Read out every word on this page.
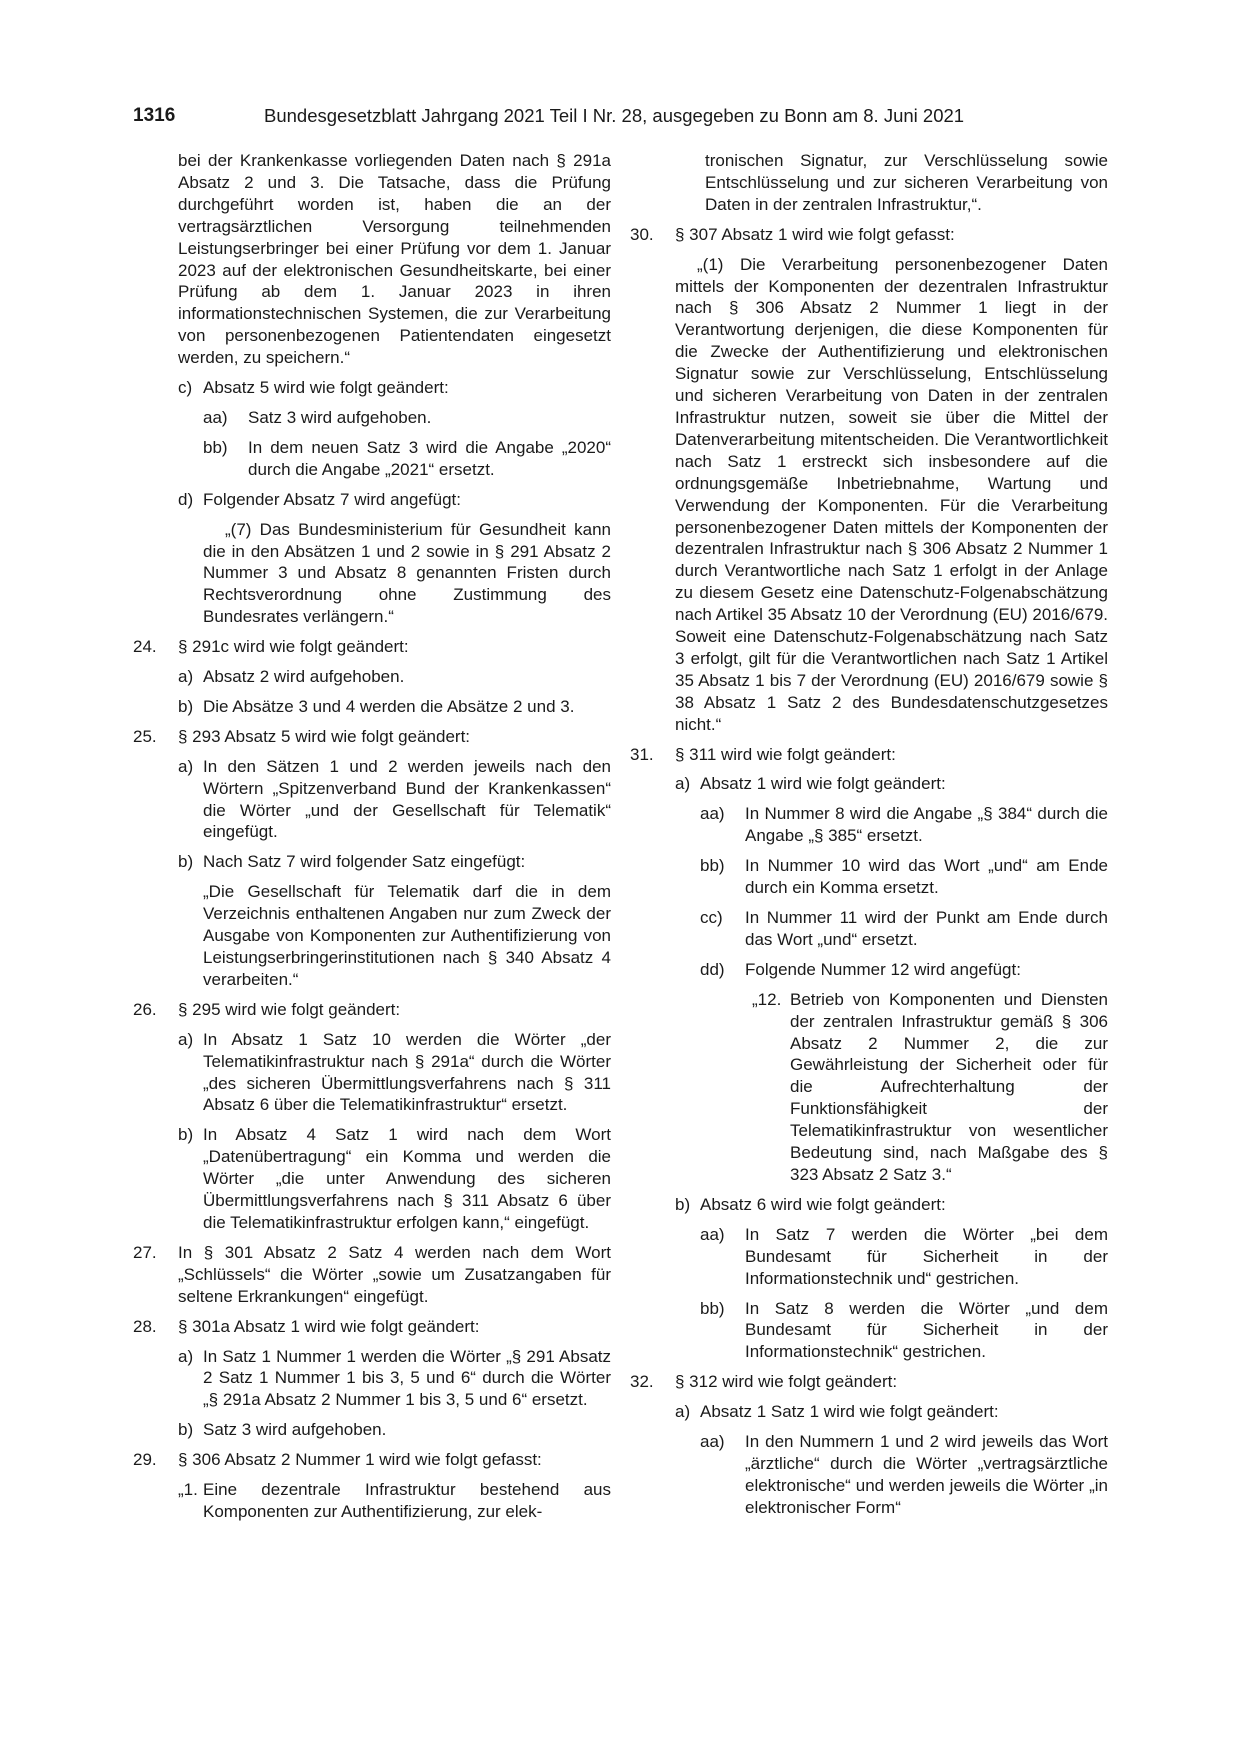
1316	Bundesgesetzblatt Jahrgang 2021 Teil I Nr. 28, ausgegeben zu Bonn am 8. Juni 2021

bei der Krankenkasse vorliegenden Daten nach § 291a Absatz 2 und 3. Die Tatsache, dass die Prüfung durchgeführt worden ist, haben die an der vertragsärztlichen Versorgung teilnehmenden Leistungserbringer bei einer Prüfung vor dem 1. Januar 2023 auf der elektronischen Gesundheitskarte, bei einer Prüfung ab dem 1. Januar 2023 in ihren informationstechnischen Systemen, die zur Verarbeitung von personenbezogenen Patientendaten eingesetzt werden, zu speichern.“

c) Absatz 5 wird wie folgt geändert:

aa) Satz 3 wird aufgehoben.

bb) In dem neuen Satz 3 wird die Angabe „2020“ durch die Angabe „2021“ ersetzt.

d) Folgender Absatz 7 wird angefügt:

„(7) Das Bundesministerium für Gesundheit kann die in den Absätzen 1 und 2 sowie in § 291 Absatz 2 Nummer 3 und Absatz 8 genannten Fristen durch Rechtsverordnung ohne Zustimmung des Bundesrates verlängern.“

24. § 291c wird wie folgt geändert:

a) Absatz 2 wird aufgehoben.

b) Die Absätze 3 und 4 werden die Absätze 2 und 3.

25. § 293 Absatz 5 wird wie folgt geändert:

a) In den Sätzen 1 und 2 werden jeweils nach den Wörtern „Spitzenverband Bund der Krankenkassen“ die Wörter „und der Gesellschaft für Telematik“ eingefügt.

b) Nach Satz 7 wird folgender Satz eingefügt:

„Die Gesellschaft für Telematik darf die in dem Verzeichnis enthaltenen Angaben nur zum Zweck der Ausgabe von Komponenten zur Authentifizierung von Leistungserbringerinstitutionen nach § 340 Absatz 4 verarbeiten.“

26. § 295 wird wie folgt geändert:

a) In Absatz 1 Satz 10 werden die Wörter „der Telematikinfrastruktur nach § 291a“ durch die Wörter „des sicheren Übermittlungsverfahrens nach § 311 Absatz 6 über die Telematikinfrastruktur“ ersetzt.

b) In Absatz 4 Satz 1 wird nach dem Wort „Datenübertragung“ ein Komma und werden die Wörter „die unter Anwendung des sicheren Übermittlungsverfahrens nach § 311 Absatz 6 über die Telematikinfrastruktur erfolgen kann,“ eingefügt.

27. In § 301 Absatz 2 Satz 4 werden nach dem Wort „Schlüssels“ die Wörter „sowie um Zusatzangaben für seltene Erkrankungen“ eingefügt.

28. § 301a Absatz 1 wird wie folgt geändert:

a) In Satz 1 Nummer 1 werden die Wörter „§ 291 Absatz 2 Satz 1 Nummer 1 bis 3, 5 und 6“ durch die Wörter „§ 291a Absatz 2 Nummer 1 bis 3, 5 und 6“ ersetzt.

b) Satz 3 wird aufgehoben.

29. § 306 Absatz 2 Nummer 1 wird wie folgt gefasst:

„1. Eine dezentrale Infrastruktur bestehend aus Komponenten zur Authentifizierung, zur elek-

tronischen Signatur, zur Verschlüsselung sowie Entschlüsselung und zur sicheren Verarbeitung von Daten in der zentralen Infrastruktur,“.

30. § 307 Absatz 1 wird wie folgt gefasst:

„(1) Die Verarbeitung personenbezogener Daten mittels der Komponenten der dezentralen Infrastruktur nach § 306 Absatz 2 Nummer 1 liegt in der Verantwortung derjenigen, die diese Komponenten für die Zwecke der Authentifizierung und elektronischen Signatur sowie zur Verschlüsselung, Entschlüsselung und sicheren Verarbeitung von Daten in der zentralen Infrastruktur nutzen, soweit sie über die Mittel der Datenverarbeitung mitentscheiden. Die Verantwortlichkeit nach Satz 1 erstreckt sich insbesondere auf die ordnungsgemäße Inbetriebnahme, Wartung und Verwendung der Komponenten. Für die Verarbeitung personenbezogener Daten mittels der Komponenten der dezentralen Infrastruktur nach § 306 Absatz 2 Nummer 1 durch Verantwortliche nach Satz 1 erfolgt in der Anlage zu diesem Gesetz eine Datenschutz-Folgenabschätzung nach Artikel 35 Absatz 10 der Verordnung (EU) 2016/679. Soweit eine Datenschutz-Folgenabschätzung nach Satz 3 erfolgt, gilt für die Verantwortlichen nach Satz 1 Artikel 35 Absatz 1 bis 7 der Verordnung (EU) 2016/679 sowie § 38 Absatz 1 Satz 2 des Bundesdatenschutzgesetzes nicht.“

31. § 311 wird wie folgt geändert:

a) Absatz 1 wird wie folgt geändert:

aa) In Nummer 8 wird die Angabe „§ 384“ durch die Angabe „§ 385“ ersetzt.

bb) In Nummer 10 wird das Wort „und“ am Ende durch ein Komma ersetzt.

cc) In Nummer 11 wird der Punkt am Ende durch das Wort „und“ ersetzt.

dd) Folgende Nummer 12 wird angefügt:

„12. Betrieb von Komponenten und Diensten der zentralen Infrastruktur gemäß § 306 Absatz 2 Nummer 2, die zur Gewährleistung der Sicherheit oder für die Aufrechterhaltung der Funktionsfähigkeit der Telematikinfrastruktur von wesentlicher Bedeutung sind, nach Maßgabe des § 323 Absatz 2 Satz 3.“

b) Absatz 6 wird wie folgt geändert:

aa) In Satz 7 werden die Wörter „bei dem Bundesamt für Sicherheit in der Informationstechnik und“ gestrichen.

bb) In Satz 8 werden die Wörter „und dem Bundesamt für Sicherheit in der Informationstechnik“ gestrichen.

32. § 312 wird wie folgt geändert:

a) Absatz 1 Satz 1 wird wie folgt geändert:

aa) In den Nummern 1 und 2 wird jeweils das Wort „ärztliche“ durch die Wörter „vertragsärztliche elektronische“ und werden jeweils die Wörter „in elektronischer Form“
